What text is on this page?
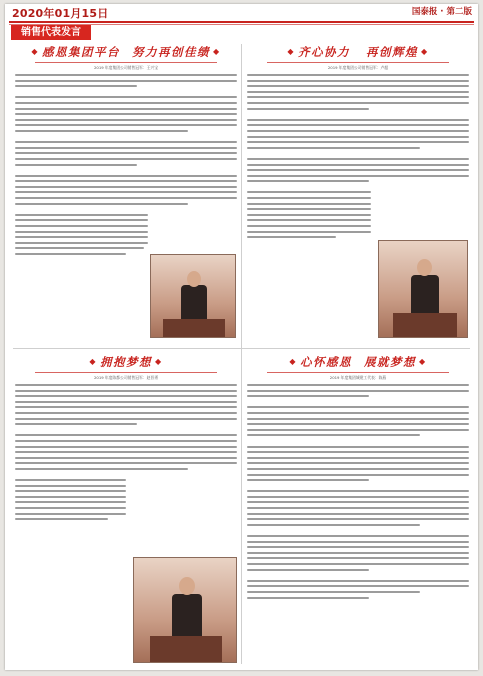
2020年01月15日	国泰报 · 第二版
销售代表发言
◆ 感恩集团平台 努力再创佳绩 ◆
2019 年度集团公司销售冠军：王兴宝
◆ 齐心协力 再创辉煌 ◆
2019 年度集团公司销售冠军：卢超
◆ 拥抱梦想 ◆
2019 年度陈都公司销售冠军：赵晋勇
◆ 心怀感恩 展就梦想 ◆
2019 年度集团城建工代表：陈燕
